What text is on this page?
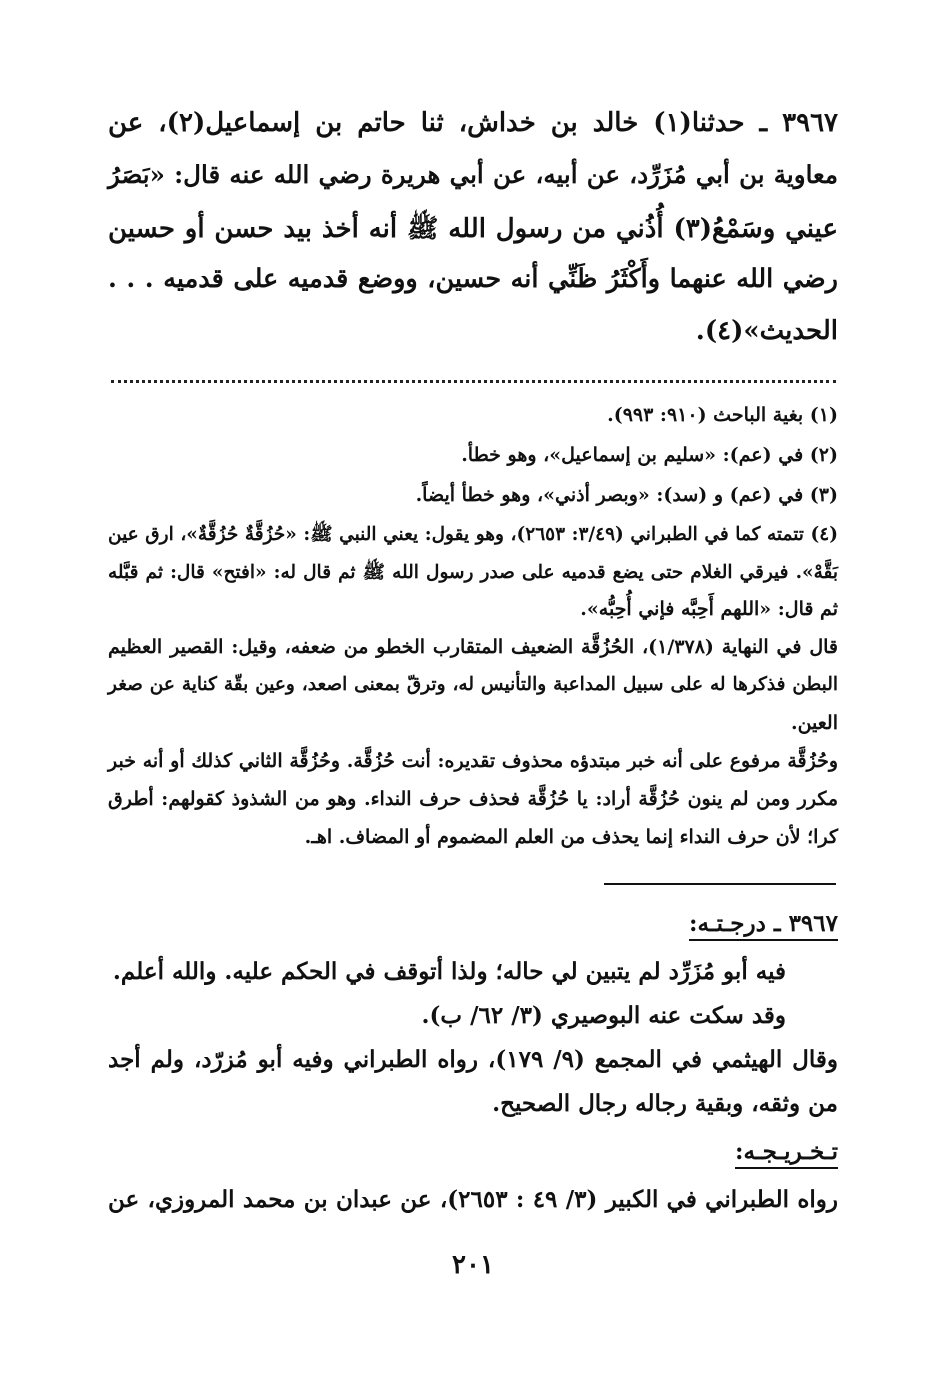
٣٩٦٧ ـ حدثنا(١) خالد بن خداش، ثنا حاتم بن إسماعيل(٢)، عن
معاوية بن أبي مُزَرِّد، عن أبيه، عن أبي هريرة رضي الله عنه قال: «بَصَرُ
عيني وسَمْعُ(٣) أُذُني من رسول الله ﷺ أنه أخذ بيد حسن أو حسين
رضي الله عنهما وأَكْثَرُ ظَنِّي أنه حسين، ووضع قدميه على قدميه . . .
الحديث»(٤).
(١) بغية الباحث (٩١٠: ٩٩٣).
(٢) في (عم): «سليم بن إسماعيل»، وهو خطأ.
(٣) في (عم) و (سد): «وبصر أذني»، وهو خطأ أيضاً.
(٤) تتمته كما في الطبراني (٣/٤٩: ٢٦٥٣)، وهو يقول: يعني النبي ﷺ: «حُزُقَّةٌ حُزُقَّةٌ»، ارق عين
بَقَّهْ». فيرقي الغلام حتى يضع قدميه على صدر رسول الله ﷺ ثم قال له: «افتح» قال: ثم قبَّله
ثم قال: «اللهم أَحِبَّه فإني أُحِبُّه».
قال في النهاية (١/٣٧٨)، الحُزُقَّة الضعيف المتقارب الخطو من ضعفه، وقيل: القصير العظيم
البطن فذكرها له على سبيل المداعبة والتأنيس له، وترقّ بمعنى اصعد، وعين بقّة كناية عن صغر
العين.
وحُزُقَّة مرفوع على أنه خبر مبتدؤه محذوف تقديره: أنت حُزُقَّة. وحُزُقَّة الثاني كذلك أو أنه خبر
مكرر ومن لم ينون حُزُقَّة أراد: يا حُزُقَّة فحذف حرف النداء. وهو من الشذوذ كقولهم: أطرق
كرا؛ لأن حرف النداء إنما يحذف من العلم المضموم أو المضاف. اهـ.
٣٩٦٧ ـ درجـتـه:
فيه أبو مُزَرِّد لم يتبين لي حاله؛ ولذا أتوقف في الحكم عليه. والله أعلم.
وقد سكت عنه البوصيري (٣/ ٦٢/ ب).
وقال الهيثمي في المجمع (٩/ ١٧٩)، رواه الطبراني وفيه أبو مُزرّد، ولم أجد
من وثقه، وبقية رجاله رجال الصحيح.
تـخـريـجـه:
رواه الطبراني في الكبير (٣/ ٤٩ : ٢٦٥٣)، عن عبدان بن محمد المروزي، عن
٢٠١
